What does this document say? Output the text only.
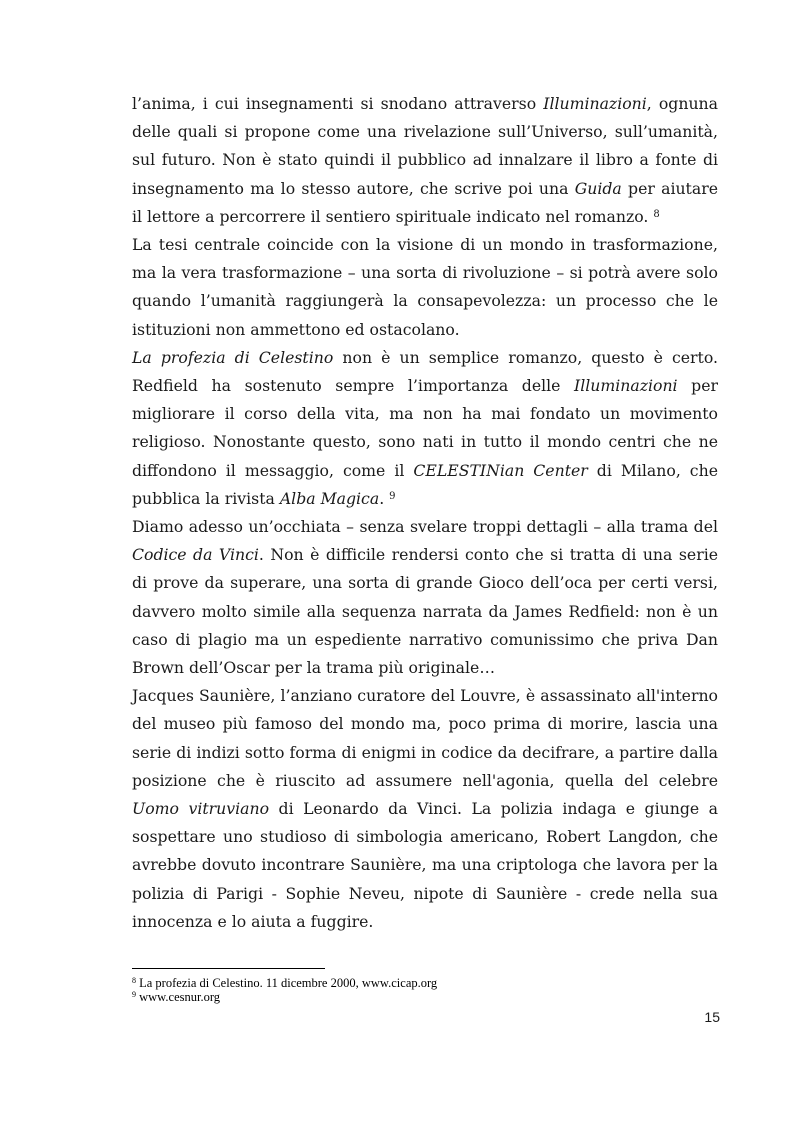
l’anima, i cui insegnamenti si snodano attraverso Illuminazioni, ognuna delle quali si propone come una rivelazione sull’Universo, sull’umanità, sul futuro. Non è stato quindi il pubblico ad innalzare il libro a fonte di insegnamento ma lo stesso autore, che scrive poi una Guida per aiutare il lettore a percorrere il sentiero spirituale indicato nel romanzo. $^8$

La tesi centrale coincide con la visione di un mondo in trasformazione, ma la vera trasformazione – una sorta di rivoluzione – si potrà avere solo quando l’umanità raggiungerà la consapevolezza: un processo che le istituzioni non ammettono ed ostacolano.

La profezia di Celestino non è un semplice romanzo, questo è certo. Redfield ha sostenuto sempre l’importanza delle Illuminazioni per migliorare il corso della vita, ma non ha mai fondato un movimento religioso. Nonostante questo, sono nati in tutto il mondo centri che ne diffondono il messaggio, come il CELESTINian Center di Milano, che pubblica la rivista Alba Magica. $^9$

Diamo adesso un’occhiata – senza svelare troppi dettagli – alla trama del Codice da Vinci. Non è difficile rendersi conto che si tratta di una serie di prove da superare, una sorta di grande Gioco dell’oca per certi versi, davvero molto simile alla sequenza narrata da James Redfield: non è un caso di plagio ma un espediente narrativo comunissimo che priva Dan Brown dell’Oscar per la trama più originale…

Jacques Saunière, l’anziano curatore del Louvre, è assassinato all'interno del museo più famoso del mondo ma, poco prima di morire, lascia una serie di indizi sotto forma di enigmi in codice da decifrare, a partire dalla posizione che è riuscito ad assumere nell'agonia, quella del celebre Uomo vitruviano di Leonardo da Vinci. La polizia indaga e giunge a sospettare uno studioso di simbologia americano, Robert Langdon, che avrebbe dovuto incontrare Saunière, ma una criptologa che lavora per la polizia di Parigi - Sophie Neveu, nipote di Saunière - crede nella sua innocenza e lo aiuta a fuggire.

$^8$ La profezia di Celestino. 11 dicembre 2000, www.cicap.org

$^9$ www.cesnur.org

15
